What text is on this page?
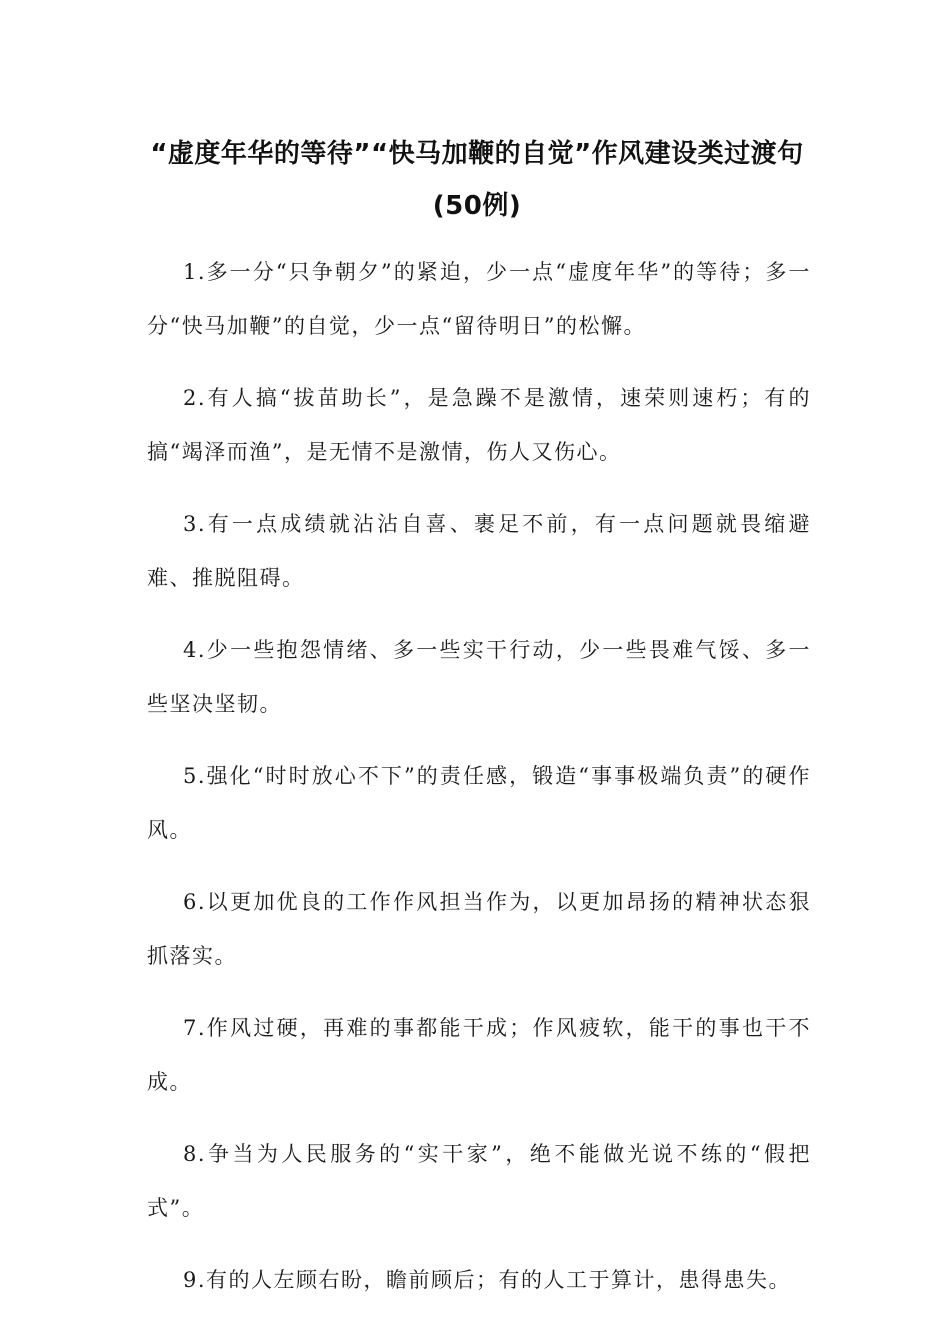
“虚度年华的等待”“快马加鞭的自觉”作风建设类过渡句(50例)

1.多一分“只争朝夕”的紧迫，少一点“虚度年华”的等待；多一分“快马加鞭”的自觉，少一点“留待明日”的松懈。

2.有人搞“拔苗助长”，是急躁不是激情，速荣则速朽；有的搞“竭泽而渔”，是无情不是激情，伤人又伤心。

3.有一点成绩就沾沾自喜、裹足不前，有一点问题就畏缩避难、推脱阻碍。

4.少一些抱怨情绪、多一些实干行动，少一些畏难气馁、多一些坚决坚韧。

5.强化“时时放心不下”的责任感，锻造“事事极端负责”的硬作风。

6.以更加优良的工作作风担当作为，以更加昂扬的精神状态狠抓落实。

7.作风过硬，再难的事都能干成；作风疲软，能干的事也干不成。

8.争当为人民服务的“实干家”，绝不能做光说不练的“假把式”。

9.有的人左顾右盼，瞻前顾后；有的人工于算计，患得患失。
